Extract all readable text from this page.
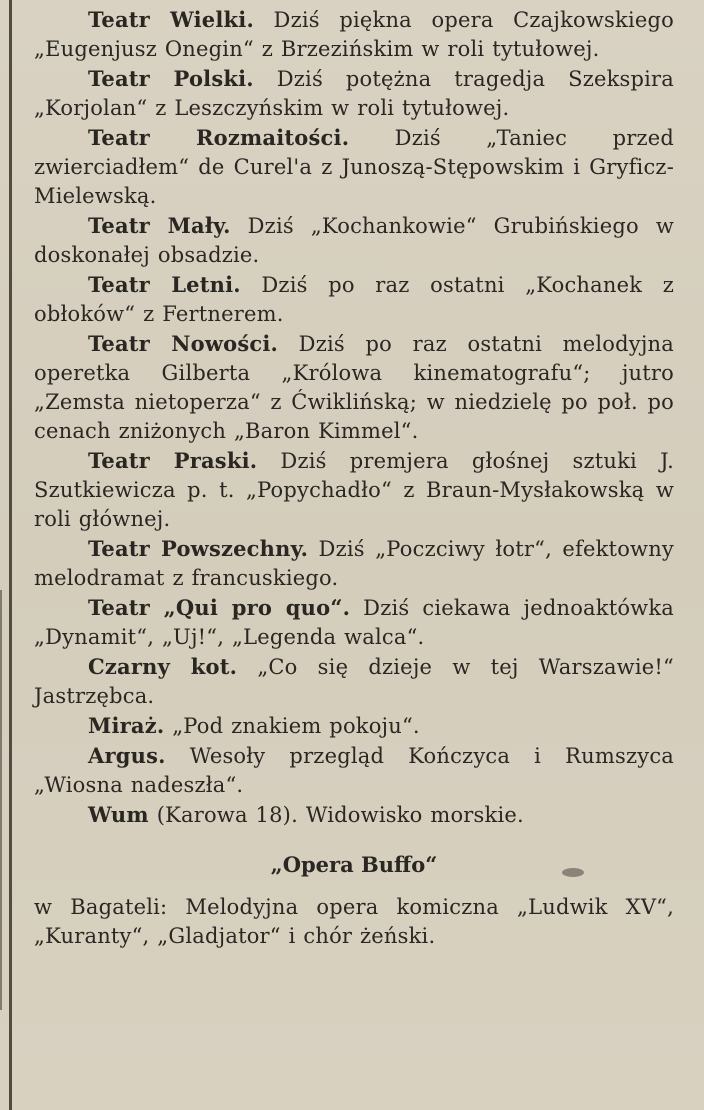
Teatr Wielki. Dziś piękna opera Czajkowskiego „Eugenjusz Onegin“ z Brzezińskim w roli tytułowej.

Teatr Polski. Dziś potężna tragedja Szekspira „Korjolan“ z Leszczyńskim w roli tytułowej.

Teatr Rozmaitości. Dziś „Taniec przed zwierciadłem“ de Curel'a z Junoszą-Stępowskim i Gryficz-Mielewską.

Teatr Mały. Dziś „Kochankowie“ Grubińskiego w doskonałej obsadzie.

Teatr Letni. Dziś po raz ostatni „Kochanek z obłoków“ z Fertnerem.

Teatr Nowości. Dziś po raz ostatni melodyjna operetka Gilberta „Królowa kinematografu“; jutro „Zemsta nietoperza“ z Ćwiklińską; w niedzielę po poł. po cenach zniżonych „Baron Kimmel“.

Teatr Praski. Dziś premjera głośnej sztuki J. Szutkiewicza p. t. „Popychadło“ z Braun-Mysłakowską w roli głównej.

Teatr Powszechny. Dziś „Poczciwy łotr“, efektowny melodramat z francuskiego.

Teatr „Qui pro quo“. Dziś ciekawa jednoaktówka „Dynamit“, „Uj!“, „Legenda walca“.

Czarny kot. „Co się dzieje w tej Warszawie!“ Jastrzębca.

Miraż. „Pod znakiem pokoju“.

Argus. Wesoły przegląd Kończyca i Rumszyca „Wiosna nadeszła“.

Wum (Karowa 18). Widowisko morskie.

„Opera Buffo“

w Bagateli: Melodyjna opera komiczna „Ludwik XV“, „Kuranty“, „Gladjator“ i chór żeński.
